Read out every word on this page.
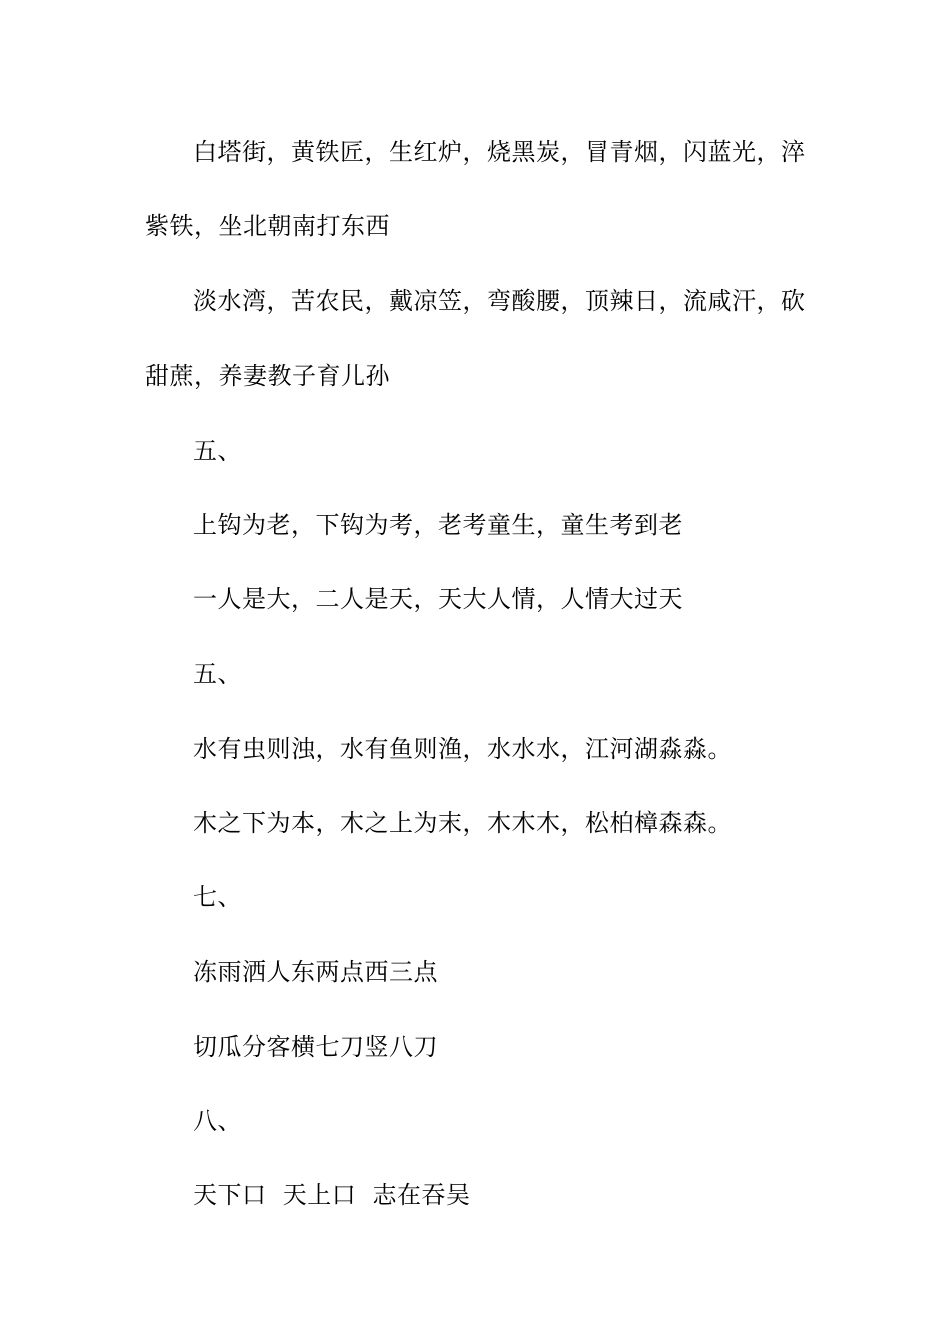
白塔街，黄铁匠，生红炉，烧黑炭，冒青烟，闪蓝光，淬
紫铁，坐北朝南打东西
淡水湾，苦农民，戴凉笠，弯酸腰，顶辣日，流咸汗，砍
甜蔗，养妻教子育儿孙
五、
上钩为老，下钩为考，老考童生，童生考到老
一人是大，二人是天，天大人情，人情大过天
五、
水有虫则浊，水有鱼则渔，水水水，江河湖淼淼。
木之下为本，木之上为末，木木木，松柏樟森森。
七、
冻雨洒人东两点西三点
切瓜分客横七刀竖八刀
八、
天下口  天上口  志在吞吴
